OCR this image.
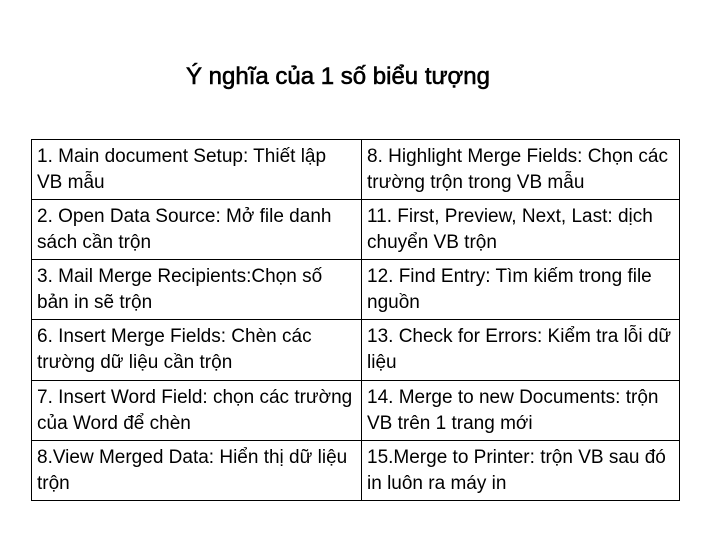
Ý nghĩa của 1 số biểu tượng
1. Main document Setup: Thiết lập VB mẫu	8. Highlight Merge Fields: Chọn các trường trộn trong VB mẫu
2. Open Data Source: Mở file danh sách cần trộn	11. First, Preview, Next, Last: dịch chuyển VB trộn
3. Mail Merge Recipients:Chọn số bản in sẽ trộn	12. Find Entry: Tìm kiếm trong file nguồn
6. Insert Merge Fields: Chèn các trường dữ liệu cần trộn	13. Check for Errors: Kiểm tra lỗi dữ liệu
7. Insert Word Field: chọn các trường của Word để chèn	14. Merge to new Documents: trộn VB trên 1 trang mới
8.View Merged Data: Hiển thị dữ liệu trộn	15.Merge to Printer: trộn VB sau đó in luôn ra máy in
